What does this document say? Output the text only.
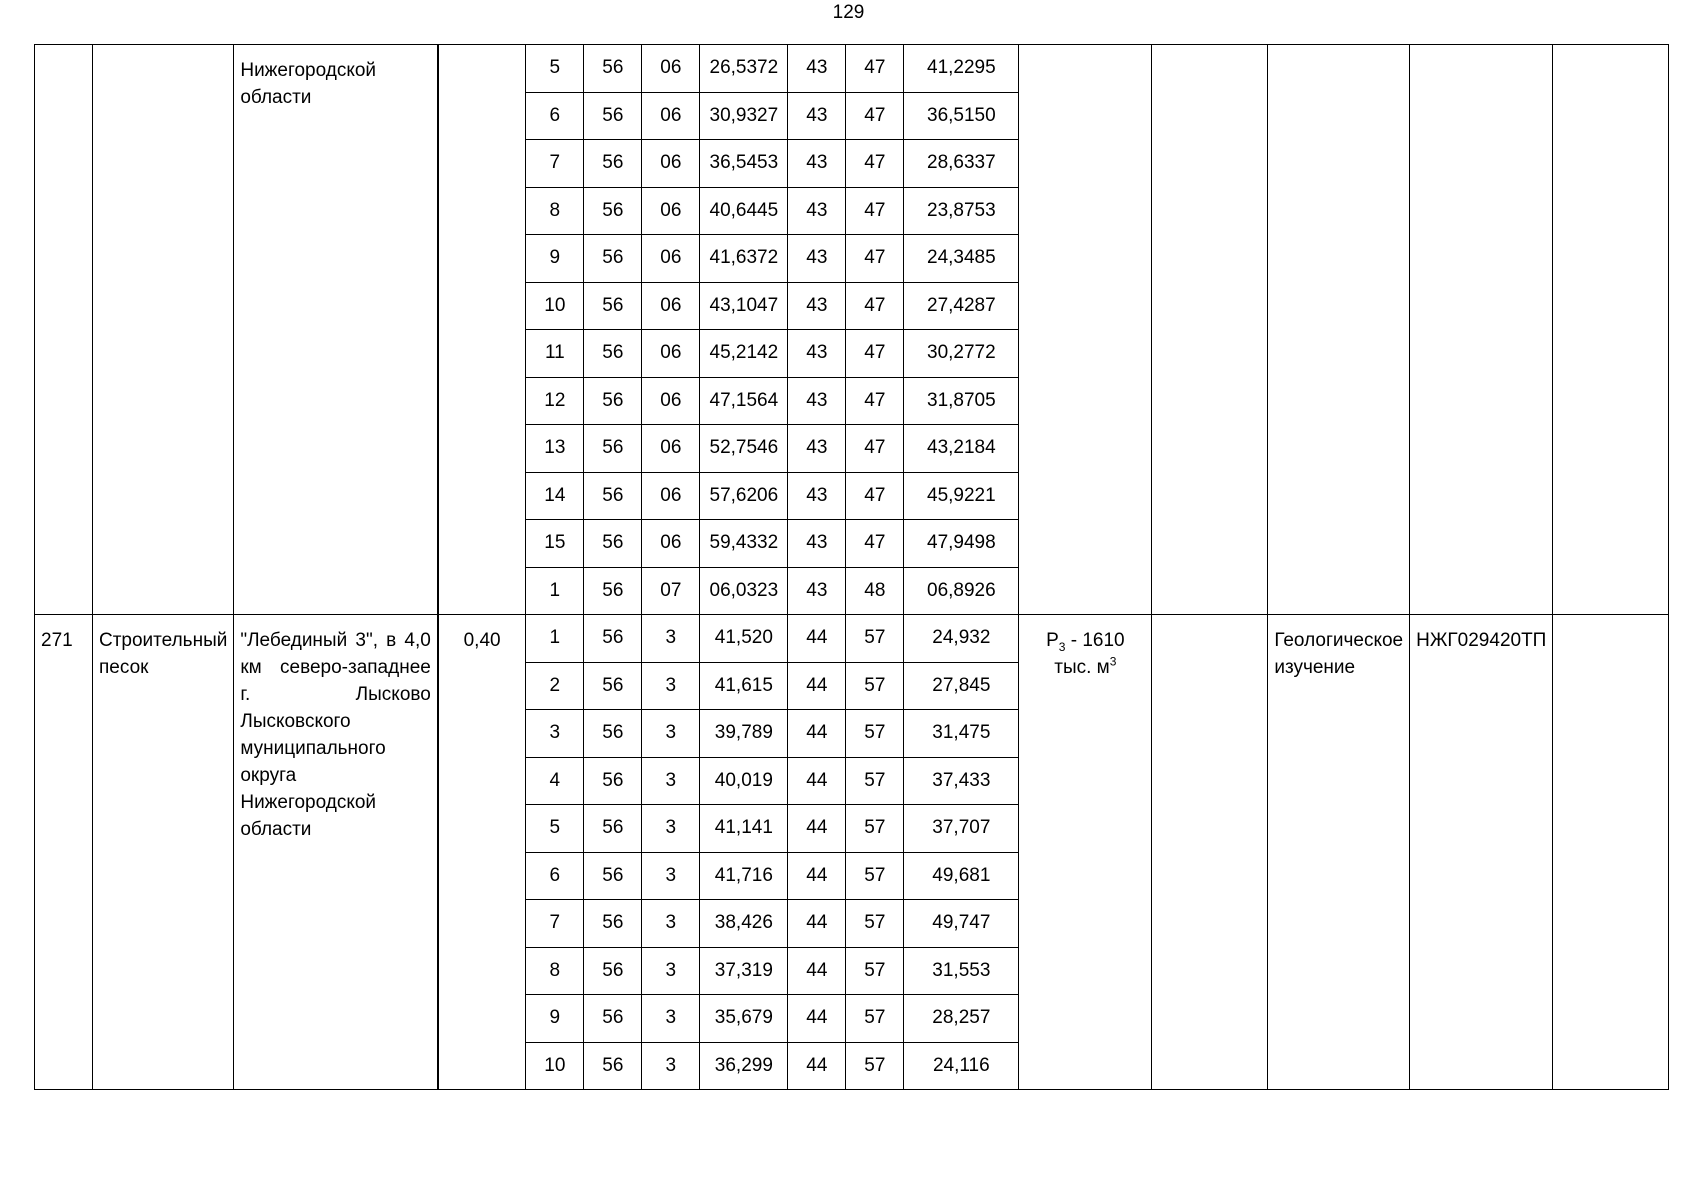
129
		Нижегородской области		5	56	06	26,5372	43	47	41,2295					
				6	56	06	30,9327	43	47	36,5150					
				7	56	06	36,5453	43	47	28,6337					
				8	56	06	40,6445	43	47	23,8753					
				9	56	06	41,6372	43	47	24,3485					
				10	56	06	43,1047	43	47	27,4287					
				11	56	06	45,2142	43	47	30,2772					
				12	56	06	47,1564	43	47	31,8705					
				13	56	06	52,7546	43	47	43,2184					
				14	56	06	57,6206	43	47	45,9221					
				15	56	06	59,4332	43	47	47,9498					
				1	56	07	06,0323	43	48	06,8926					
271	Строительный песок	"Лебединый 3", в 4,0 км северо-западнее г. Лысково Лысковского муниципального округа Нижегородской области	0,40	1	56	3	41,520	44	57	24,932	$P_3 - 1610$ тыс. $м^3$		Геологическое изучение	НЖГ029420ТП	
				2	56	3	41,615	44	57	27,845					
				3	56	3	39,789	44	57	31,475					
				4	56	3	40,019	44	57	37,433					
				5	56	3	41,141	44	57	37,707					
				6	56	3	41,716	44	57	49,681					
				7	56	3	38,426	44	57	49,747					
				8	56	3	37,319	44	57	31,553					
				9	56	3	35,679	44	57	28,257					
				10	56	3	36,299	44	57	24,116					
